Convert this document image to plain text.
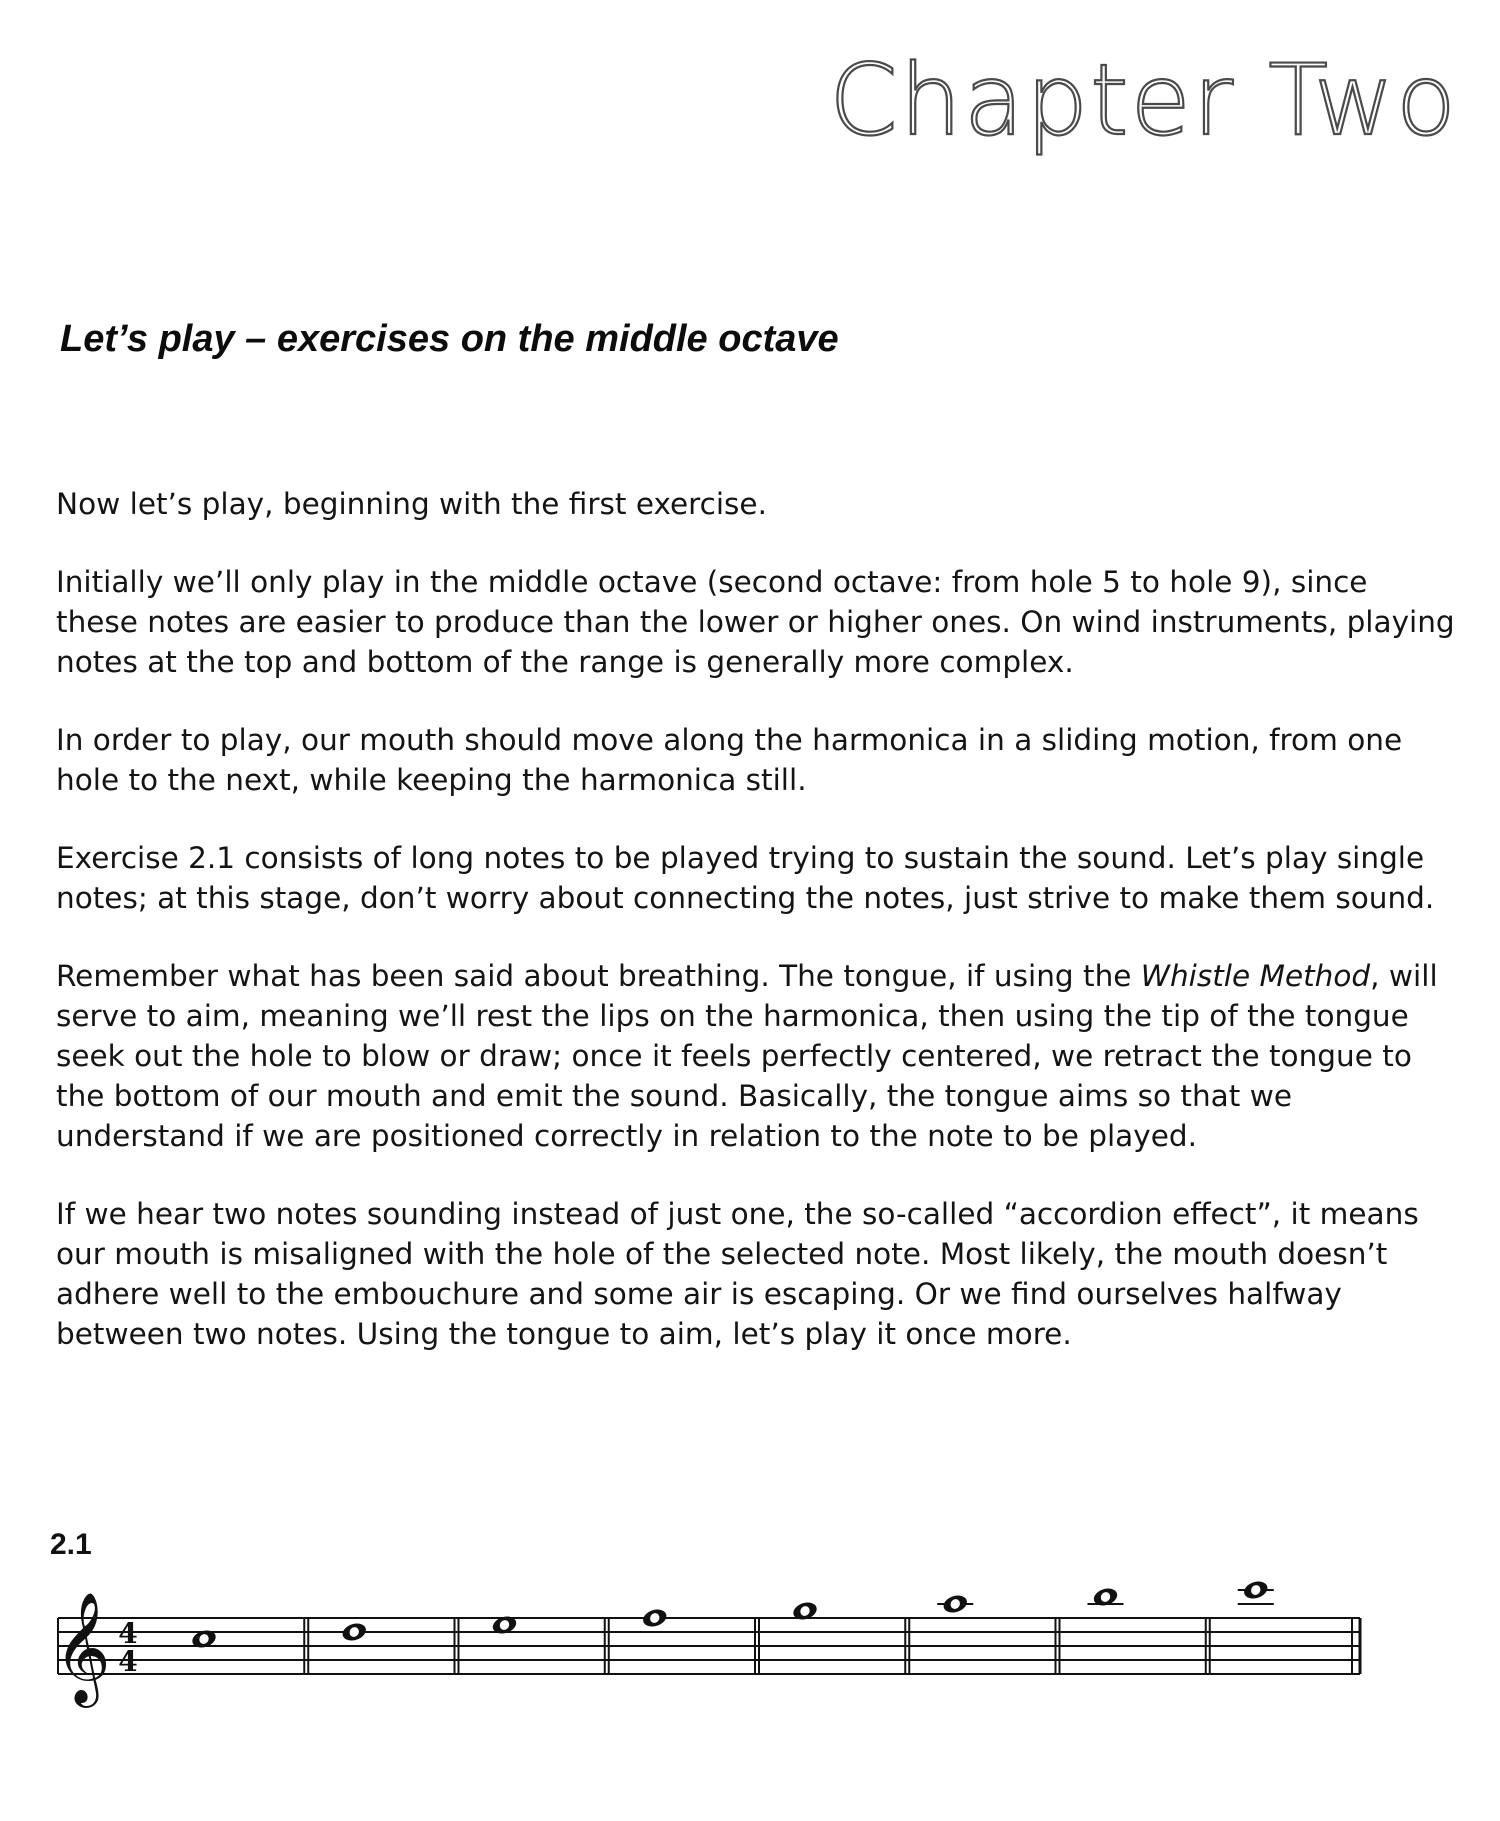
Chapter Two
Let’s play – exercises on the middle octave

Now let’s play, beginning with the first exercise.

Initially we’ll only play in the middle octave (second octave: from hole 5 to hole 9), since these notes are easier to produce than the lower or higher ones. On wind instruments, playing notes at the top and bottom of the range is generally more complex.

In order to play, our mouth should move along the harmonica in a sliding motion, from one hole to the next, while keeping the harmonica still.

Exercise 2.1 consists of long notes to be played trying to sustain the sound. Let’s play single notes; at this stage, don’t worry about connecting the notes, just strive to make them sound.

Remember what has been said about breathing. The tongue, if using the Whistle Method, will serve to aim, meaning we’ll rest the lips on the harmonica, then using the tip of the tongue seek out the hole to blow or draw; once it feels perfectly centered, we retract the tongue to the bottom of our mouth and emit the sound. Basically, the tongue aims so that we understand if we are positioned correctly in relation to the note to be played.

If we hear two notes sounding instead of just one, the so-called “accordion effect”, it means our mouth is misaligned with the hole of the selected note. Most likely, the mouth doesn’t adhere well to the embouchure and some air is escaping. Or we find ourselves halfway between two notes. Using the tongue to aim, let’s play it once more.

2.1
𝄞 4
4
